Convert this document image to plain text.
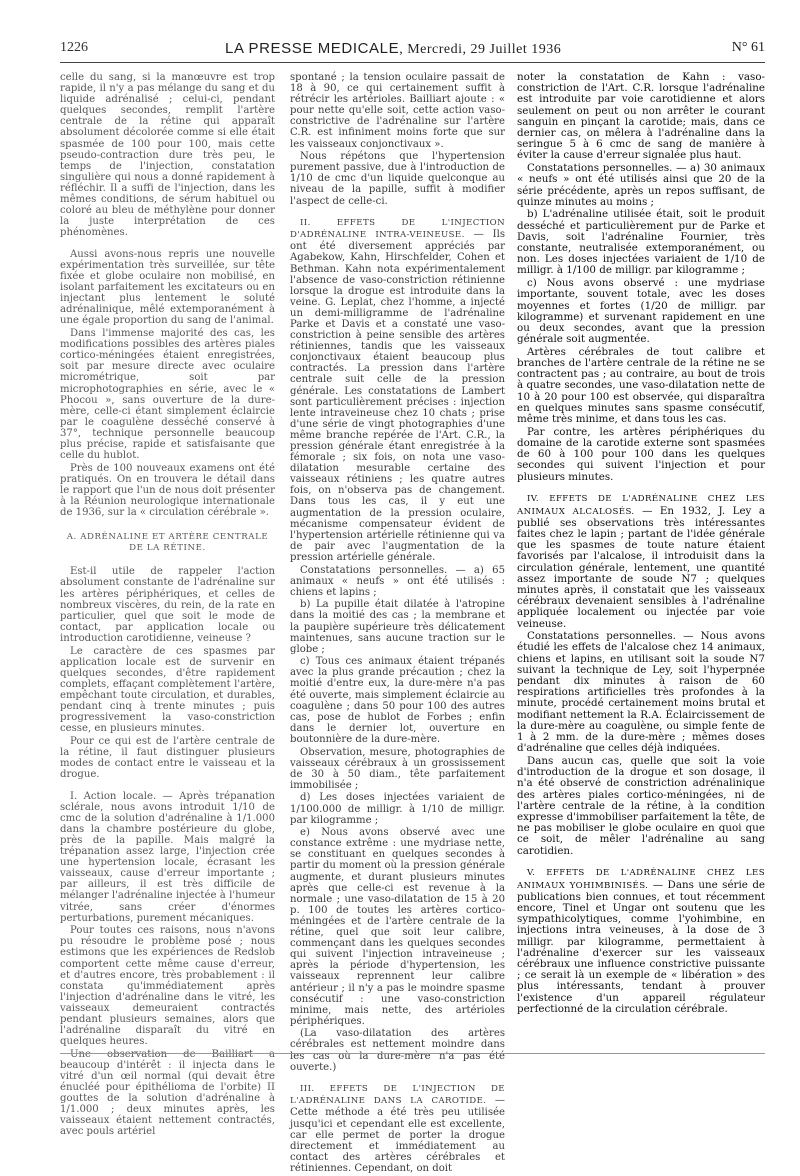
1226	LA PRESSE MEDICALE, Mercredi, 29 Juillet 1936	N° 61

celle du sang, si la manœuvre est trop rapide, il n'y a pas mélange du sang et du liquide adrénalisé ; celui-ci, pendant quelques secondes, remplit l'artère centrale de la rétine qui apparaît absolument décolorée comme si elle était spasmée de 100 pour 100, mais cette pseudo-contraction dure très peu, le temps de l'injection, constatation singulière qui nous a donné rapidement à réfléchir. Il a suffi de l'injection, dans les mêmes conditions, de sérum habituel ou coloré au bleu de méthylène pour donner la juste interprétation de ces phénomènes.

Aussi avons-nous repris une nouvelle expérimentation très surveillée, sur tête fixée et globe oculaire non mobilisé, en isolant parfaitement les excitateurs ou en injectant plus lentement le soluté adrénalinique, mêlé extemporanément à une égale proportion du sang de l'animal.

Dans l'immense majorité des cas, les modifications possibles des artères piales cortico-méningées étaient enregistrées, soit par mesure directe avec oculaire micrométrique, soit par microphotographies en série, avec le « Phocou », sans ouverture de la dure-mère, celle-ci étant simplement éclaircie par le coagulène desséché conservé à 37°, technique personnelle beaucoup plus précise, rapide et satisfaisante que celle du hublot.

Près de 100 nouveaux examens ont été pratiqués. On en trouvera le détail dans le rapport que l'un de nous doit présenter à la Réunion neurologique internationale de 1936, sur la « circulation cérébrale ».

A. ADRÉNALINE ET ARTÈRE CENTRALE DE LA RÉTINE.

Est-il utile de rappeler l'action absolument constante de l'adrénaline sur les artères périphériques, et celles de nombreux viscères, du rein, de la rate en particulier, quel que soit le mode de contact, par application locale ou introduction carotidienne, veineuse ?

Le caractère de ces spasmes par application locale est de survenir en quelques secondes, d'être rapidement complets, effaçant complètement l'artère, empêchant toute circulation, et durables, pendant cinq à trente minutes ; puis progressivement la vaso-constriction cesse, en plusieurs minutes.

Pour ce qui est de l'artère centrale de la rétine, il faut distinguer plusieurs modes de contact entre le vaisseau et la drogue.

I. Action locale. — Après trépanation sclérale, nous avons introduit 1/10 de cmc de la solution d'adrénaline à 1/1.000 dans la chambre postérieure du globe, près de la papille. Mais malgré la trépanation assez large, l'injection crée une hypertension locale, écrasant les vaisseaux, cause d'erreur importante ; par ailleurs, il est très difficile de mélanger l'adrénaline injectée à l'humeur vitrée, sans créer d'énormes perturbations, purement mécaniques.

Pour toutes ces raisons, nous n'avons pu résoudre le problème posé ; nous estimons que les expériences de Redslob comportent cette même cause d'erreur, et d'autres encore, très probablement : il constata qu'immédiatement après l'injection d'adrénaline dans le vitré, les vaisseaux demeuraient contractés pendant plusieurs semaines, alors que l'adrénaline disparaît du vitré en quelques heures.

Une observation de Bailliart a beaucoup d'intérêt : il injecta dans le vitré d'un œil normal (qui devait être énucléé pour épithélioma de l'orbite) II gouttes de la solution d'adrénaline à 1/1.000 ; deux minutes après, les vaisseaux étaient nettement contractés, avec pouls artériel

spontané ; la tension oculaire passait de 18 à 90, ce qui certainement suffit à rétrécir les artérioles. Bailliart ajoute : « pour nette qu'elle soit, cette action vaso-constrictive de l'adrénaline sur l'artère C.R. est infiniment moins forte que sur les vaisseaux conjonctivaux ».

Nous répétons que l'hypertension purement passive, due à l'introduction de 1/10 de cmc d'un liquide quelconque au niveau de la papille, suffit à modifier l'aspect de celle-ci.

II. EFFETS DE L'INJECTION D'ADRÉNALINE INTRA-VEINEUSE. — Ils ont été diversement appréciés par Agabekow, Kahn, Hirschfelder, Cohen et Bethman. Kahn nota expérimentalement l'absence de vaso-constriction rétinienne lorsque la drogue est introduite dans la veine. G. Leplat, chez l'homme, a injecté un demi-milligramme de l'adrénaline Parke et Davis et a constaté une vaso-constriction à peine sensible des artères rétiniennes, tandis que les vaisseaux conjonctivaux étaient beaucoup plus contractés. La pression dans l'artère centrale suit celle de la pression générale. Les constatations de Lambert sont particulièrement précises : injection lente intraveineuse chez 10 chats ; prise d'une série de vingt photographies d'une même branche repérée de l'Art. C.R., la pression générale étant enregistrée à la fémorale ; six fois, on nota une vaso-dilatation mesurable certaine des vaisseaux rétiniens ; les quatre autres fois, on n'observa pas de changement. Dans tous les cas, il y eut une augmentation de la pression oculaire, mécanisme compensateur évident de l'hypertension artérielle rétinienne qui va de pair avec l'augmentation de la pression artérielle générale.

Constatations personnelles. — a) 65 animaux « neufs » ont été utilisés : chiens et lapins ;

b) La pupille était dilatée à l'atropine dans la moitié des cas ; la membrane et la paupière supérieure très délicatement maintenues, sans aucune traction sur le globe ;

c) Tous ces animaux étaient trépanés avec la plus grande précaution ; chez la moitié d'entre eux, la dure-mère n'a pas été ouverte, mais simplement éclaircie au coagulène ; dans 50 pour 100 des autres cas, pose de hublot de Forbes ; enfin dans le dernier lot, ouverture en boutonnière de la dure-mère.

Observation, mesure, photographies de vaisseaux cérébraux à un grossissement de 30 à 50 diam., tête parfaitement immobilisée ;

d) Les doses injectées variaient de 1/100.000 de milligr. à 1/10 de milligr. par kilogramme ;

e) Nous avons observé avec une constance extrême : une mydriase nette, se constituant en quelques secondes à partir du moment où la pression générale augmente, et durant plusieurs minutes après que celle-ci est revenue à la normale ; une vaso-dilatation de 15 à 20 p. 100 de toutes les artères cortico-méningées et de l'artère centrale de la rétine, quel que soit leur calibre, commençant dans les quelques secondes qui suivent l'injection intraveineuse ; après la période d'hypertension, les vaisseaux reprennent leur calibre antérieur ; il n'y a pas le moindre spasme consécutif : une vaso-constriction minime, mais nette, des artérioles périphériques.

(La vaso-dilatation des artères cérébrales est nettement moindre dans les cas où la dure-mère n'a pas été ouverte.)

III. EFFETS DE L'INJECTION DE L'ADRÉNALINE DANS LA CAROTIDE. — Cette méthode a été très peu utilisée jusqu'ici et cependant elle est excellente, car elle permet de porter la drogue directement et immédiatement au contact des artères cérébrales et rétiniennes. Cependant, on doit

noter la constatation de Kahn : vaso-constriction de l'Art. C.R. lorsque l'adrénaline est introduite par voie carotidienne et alors seulement on peut ou non arrêter le courant sanguin en pinçant la carotide; mais, dans ce dernier cas, on mêlera à l'adrénaline dans la seringue 5 à 6 cmc de sang de manière à éviter la cause d'erreur signalée plus haut.

Constatations personnelles. — a) 30 animaux « neufs » ont été utilisés ainsi que 20 de la série précédente, après un repos suffisant, de quinze minutes au moins ;

b) L'adrénaline utilisée était, soit le produit desséché et particulièrement pur de Parke et Davis, soit l'adrénaline Fournier, très constante, neutralisée extemporanément, ou non. Les doses injectées variaient de 1/10 de milligr. à 1/100 de milligr. par kilogramme ;

c) Nous avons observé : une mydriase importante, souvent totale, avec les doses moyennes et fortes (1/20 de milligr. par kilogramme) et survenant rapidement en une ou deux secondes, avant que la pression générale soit augmentée.

Artères cérébrales de tout calibre et branches de l'artère centrale de la rétine ne se contractent pas ; au contraire, au bout de trois à quatre secondes, une vaso-dilatation nette de 10 à 20 pour 100 est observée, qui disparaîtra en quelques minutes sans spasme consécutif, même très minime, et dans tous les cas.

Par contre, les artères périphériques du domaine de la carotide externe sont spasmées de 60 à 100 pour 100 dans les quelques secondes qui suivent l'injection et pour plusieurs minutes.

IV. EFFETS DE L'ADRÉNALINE CHEZ LES ANIMAUX ALCALOSÉS. — En 1932, J. Ley a publié ses observations très intéressantes faites chez le lapin ; partant de l'idée générale que les spasmes de toute nature étaient favorisés par l'alcalose, il introduisit dans la circulation générale, lentement, une quantité assez importante de soude N7 ; quelques minutes après, il constatait que les vaisseaux cérébraux devenaient sensibles à l'adrénaline appliquée localement ou injectée par voie veineuse.

Constatations personnelles. — Nous avons étudié les effets de l'alcalose chez 14 animaux, chiens et lapins, en utilisant soit la soude N7 suivant la technique de Ley, soit l'hyperpnée pendant dix minutes à raison de 60 respirations artificielles très profondes à la minute, procédé certainement moins brutal et modifiant nettement la R.A. Éclaircissement de la dure-mère au coagulène, ou simple fente de 1 à 2 mm. de la dure-mère ; mêmes doses d'adrénaline que celles déjà indiquées.

Dans aucun cas, quelle que soit la voie d'introduction de la drogue et son dosage, il n'a été observé de constriction adrénalinique des artères piales cortico-méningées, ni de l'artère centrale de la rétine, à la condition expresse d'immobiliser parfaitement la tête, de ne pas mobiliser le globe oculaire en quoi que ce soit, de mêler l'adrénaline au sang carotidien.

V. EFFETS DE L'ADRÉNALINE CHEZ LES ANIMAUX YOHIMBINISÉS. — Dans une série de publications bien connues, et tout récemment encore, Tinel et Ungar ont soutenu que les sympathicolytiques, comme l'yohimbine, en injections intra veineuses, à la dose de 3 milligr. par kilogramme, permettaient à l'adrénaline d'exercer sur les vaisseaux cérébraux une influence constrictive puissante ; ce serait là un exemple de « libération » des plus intéressants, tendant à prouver l'existence d'un appareil régulateur perfectionné de la circulation cérébrale.
